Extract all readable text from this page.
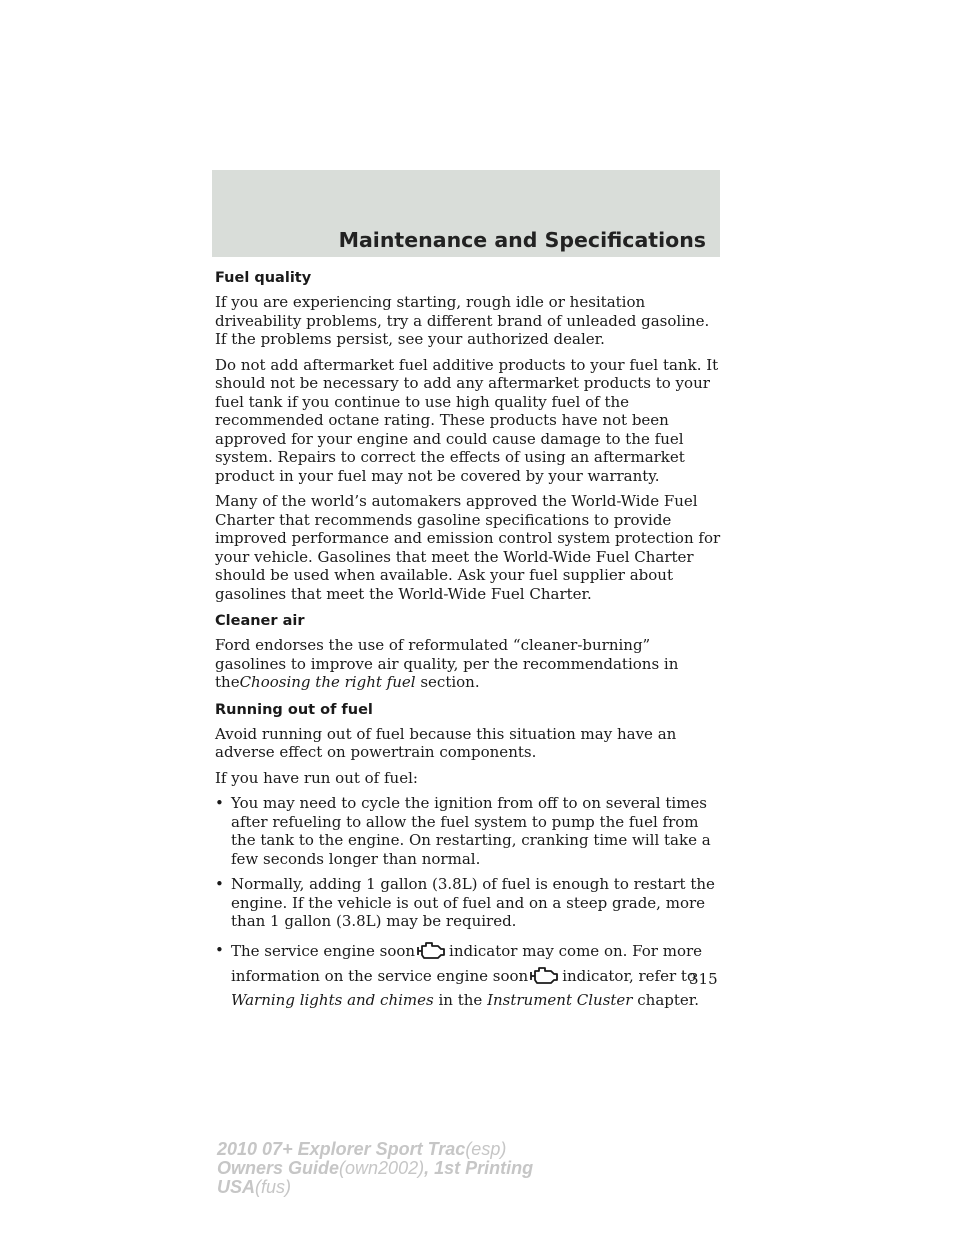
Maintenance and Specifications
Fuel quality

If you are experiencing starting, rough idle or hesitation driveability problems, try a different brand of unleaded gasoline. If the problems persist, see your authorized dealer.

Do not add aftermarket fuel additive products to your fuel tank. It should not be necessary to add any aftermarket products to your fuel tank if you continue to use high quality fuel of the recommended octane rating. These products have not been approved for your engine and could cause damage to the fuel system. Repairs to correct the effects of using an aftermarket product in your fuel may not be covered by your warranty.

Many of the world’s automakers approved the World-Wide Fuel Charter that recommends gasoline specifications to provide improved performance and emission control system protection for your vehicle. Gasolines that meet the World-Wide Fuel Charter should be used when available. Ask your fuel supplier about gasolines that meet the World-Wide Fuel Charter.

Cleaner air

Ford endorses the use of reformulated “cleaner-burning” gasolines to improve air quality, per the recommendations in theChoosing the right fuel section.

Running out of fuel

Avoid running out of fuel because this situation may have an adverse effect on powertrain components.

If you have run out of fuel:

• You may need to cycle the ignition from off to on several times after refueling to allow the fuel system to pump the fuel from the tank to the engine. On restarting, cranking time will take a few seconds longer than normal.
• Normally, adding 1 gallon (3.8L) of fuel is enough to restart the engine. If the vehicle is out of fuel and on a steep grade, more than 1 gallon (3.8L) may be required.
• The service engine soon indicator may come on. For more information on the service engine soon indicator, refer to Warning lights and chimes in the Instrument Cluster chapter.
315
2010 07+ Explorer Sport Trac(esp)
Owners Guide(own2002), 1st Printing
USA(fus)
